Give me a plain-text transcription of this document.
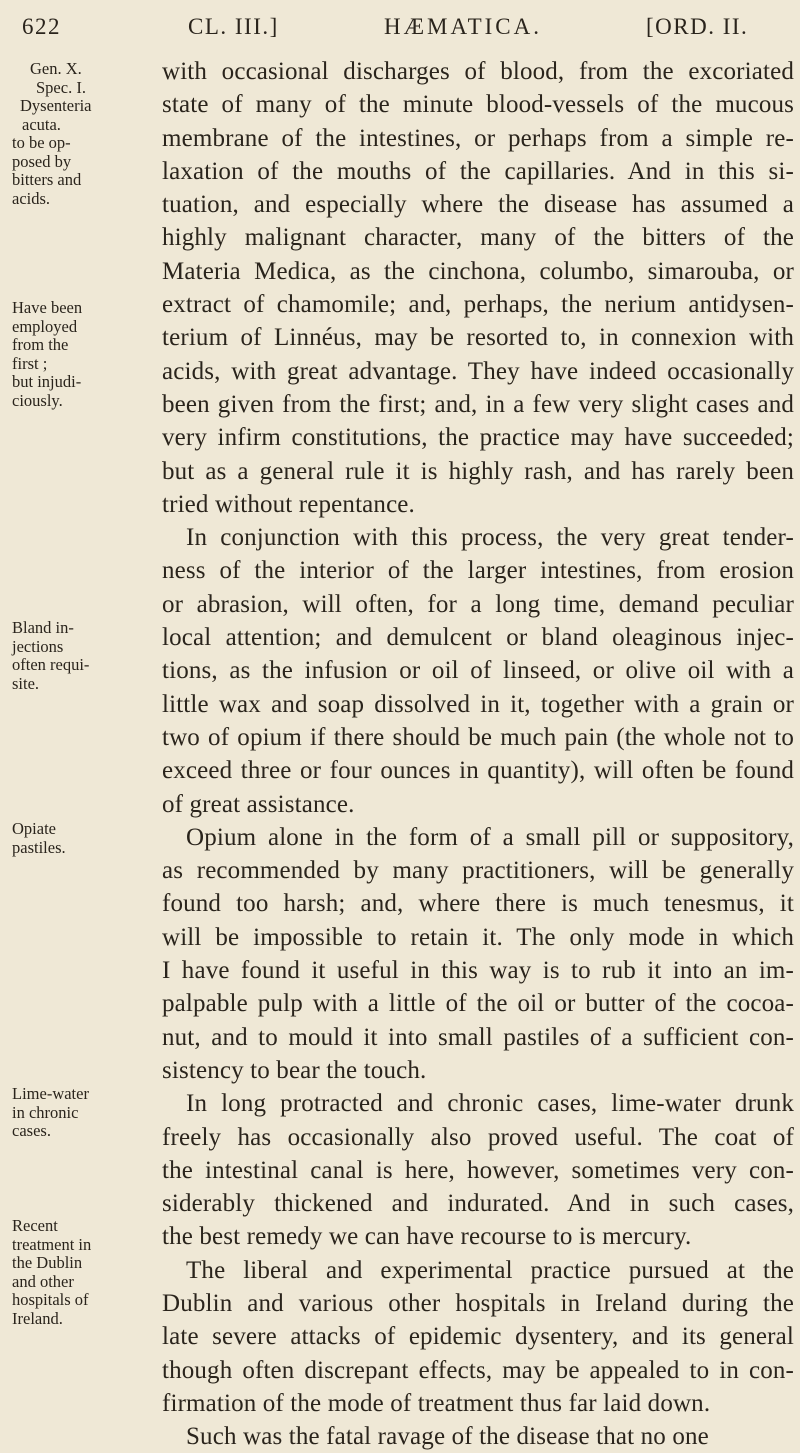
622	CL. III.]	HÆMATICA.	[ORD. II.
Gen. X.
Spec. I.
Dysenteria
acuta.
to be op-
posed by
bitters and
acids.
Have been
employed
from the
first ;
but injudi-
ciously.
Bland in-
jections
often requi-
site.
Opiate
pastiles.
Lime-water
in chronic
cases.
Recent
treatment in
the Dublin
and other
hospitals of
Ireland.
with occasional discharges of blood, from the excoriated
state of many of the minute blood-vessels of the mucous
membrane of the intestines, or perhaps from a simple re-
laxation of the mouths of the capillaries. And in this si-
tuation, and especially where the disease has assumed a
highly malignant character, many of the bitters of the
Materia Medica, as the cinchona, columbo, simarouba, or
extract of chamomile; and, perhaps, the nerium antidysen-
terium of Linnéus, may be resorted to, in connexion with
acids, with great advantage. They have indeed occasionally
been given from the first; and, in a few very slight cases and
very infirm constitutions, the practice may have succeeded;
but as a general rule it is highly rash, and has rarely been
tried without repentance.
In conjunction with this process, the very great tender-
ness of the interior of the larger intestines, from erosion
or abrasion, will often, for a long time, demand peculiar
local attention; and demulcent or bland oleaginous injec-
tions, as the infusion or oil of linseed, or olive oil with a
little wax and soap dissolved in it, together with a grain or
two of opium if there should be much pain (the whole not to
exceed three or four ounces in quantity), will often be found
of great assistance.
Opium alone in the form of a small pill or suppository,
as recommended by many practitioners, will be generally
found too harsh; and, where there is much tenesmus, it
will be impossible to retain it. The only mode in which
I have found it useful in this way is to rub it into an im-
palpable pulp with a little of the oil or butter of the cocoa-
nut, and to mould it into small pastiles of a sufficient con-
sistency to bear the touch.
In long protracted and chronic cases, lime-water drunk
freely has occasionally also proved useful. The coat of
the intestinal canal is here, however, sometimes very con-
siderably thickened and indurated. And in such cases,
the best remedy we can have recourse to is mercury.
The liberal and experimental practice pursued at the
Dublin and various other hospitals in Ireland during the
late severe attacks of epidemic dysentery, and its general
though often discrepant effects, may be appealed to in con-
firmation of the mode of treatment thus far laid down.
Such was the fatal ravage of the disease that no one
